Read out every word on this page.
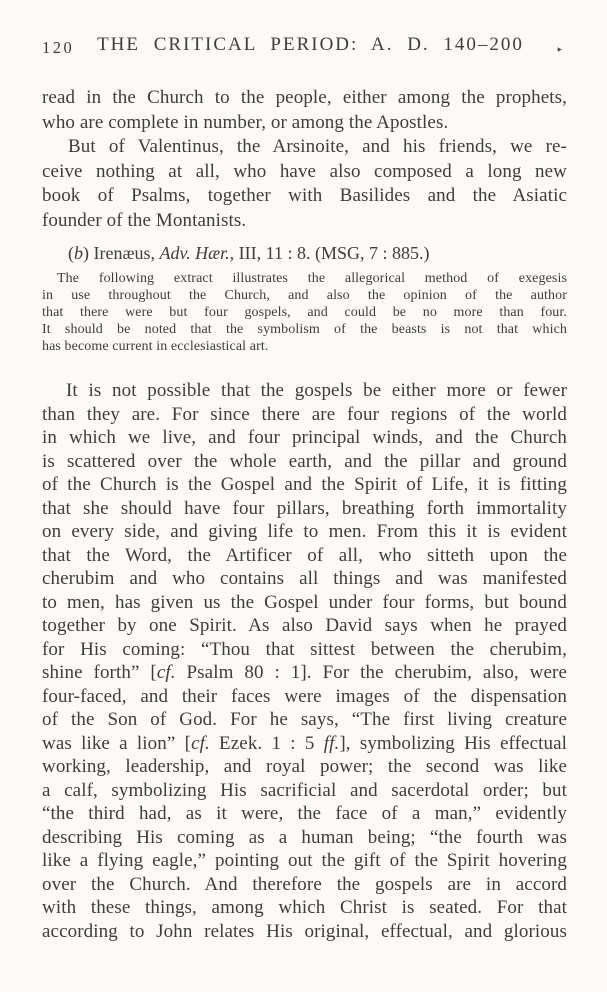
120	THE CRITICAL PERIOD: A. D. 140–200	‣
read in the Church to the people, either among the prophets,
who are complete in number, or among the Apostles.
But of Valentinus, the Arsinoite, and his friends, we re-
ceive nothing at all, who have also composed a long new
book of Psalms, together with Basilides and the Asiatic
founder of the Montanists.
(b) Irenæus, Adv. Hær., III, 11 : 8. (MSG, 7 : 885.)
The following extract illustrates the allegorical method of exegesis
in use throughout the Church, and also the opinion of the author
that there were but four gospels, and could be no more than four.
It should be noted that the symbolism of the beasts is not that which
has become current in ecclesiastical art.
It is not possible that the gospels be either more or fewer
than they are. For since there are four regions of the world
in which we live, and four principal winds, and the Church
is scattered over the whole earth, and the pillar and ground
of the Church is the Gospel and the Spirit of Life, it is fitting
that she should have four pillars, breathing forth immortality
on every side, and giving life to men. From this it is evident
that the Word, the Artificer of all, who sitteth upon the
cherubim and who contains all things and was manifested
to men, has given us the Gospel under four forms, but bound
together by one Spirit. As also David says when he prayed
for His coming: “Thou that sittest between the cherubim,
shine forth” [cf. Psalm 80 : 1]. For the cherubim, also, were
four-faced, and their faces were images of the dispensation
of the Son of God. For he says, “The first living creature
was like a lion” [cf. Ezek. 1 : 5 ff.], symbolizing His effectual
working, leadership, and royal power; the second was like
a calf, symbolizing His sacrificial and sacerdotal order; but
“the third had, as it were, the face of a man,” evidently
describing His coming as a human being; “the fourth was
like a flying eagle,” pointing out the gift of the Spirit hovering
over the Church. And therefore the gospels are in accord
with these things, among which Christ is seated. For that
according to John relates His original, effectual, and glorious
